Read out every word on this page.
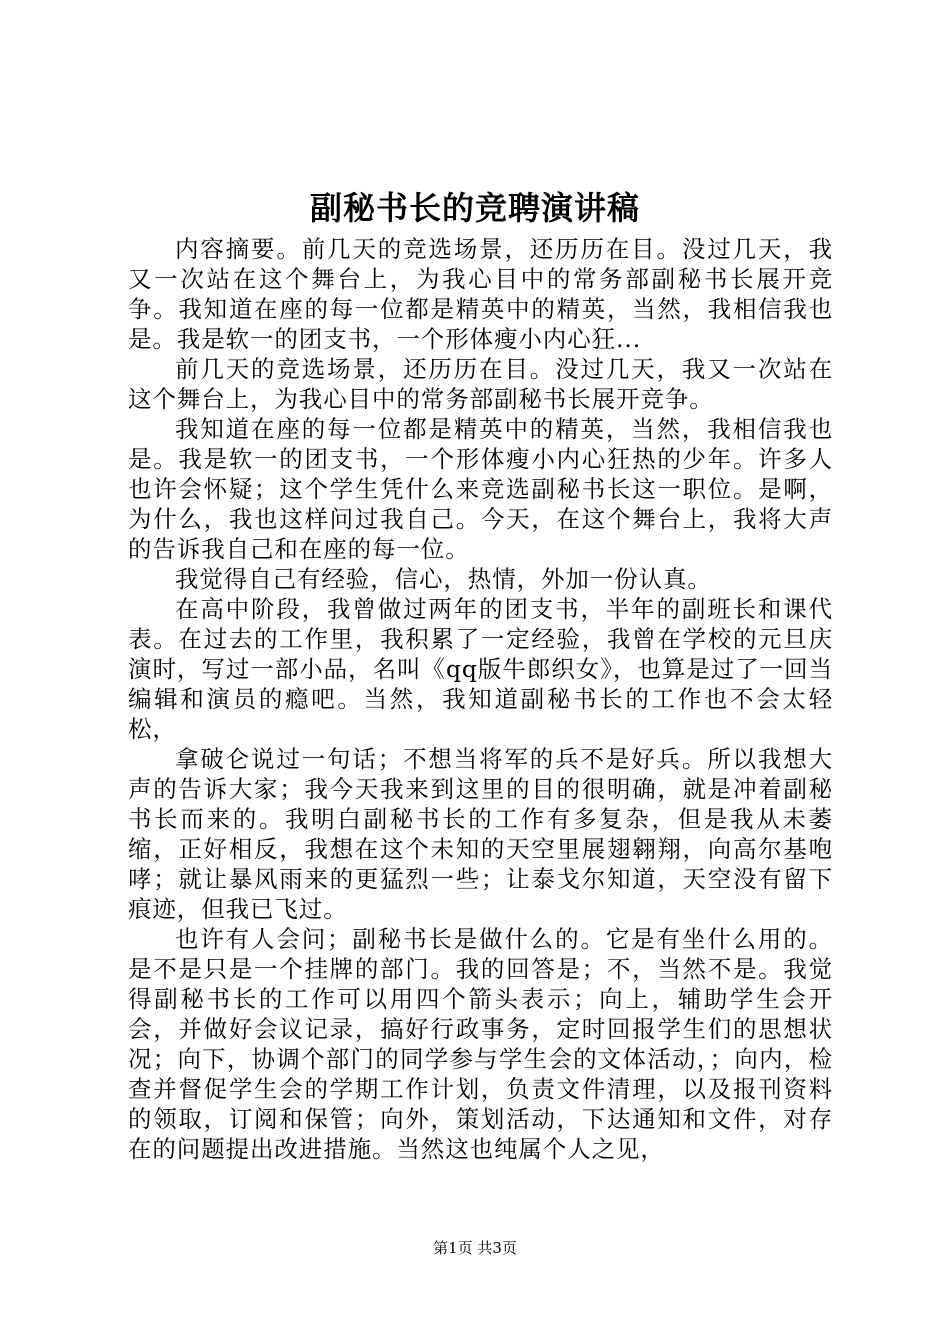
副秘书长的竞聘演讲稿

内容摘要。前几天的竞选场景，还历历在目。没过几天，我又一次站在这个舞台上，为我心目中的常务部副秘书长展开竞争。我知道在座的每一位都是精英中的精英，当然，我相信我也是。我是软一的团支书，一个形体瘦小内心狂...

前几天的竞选场景，还历历在目。没过几天，我又一次站在这个舞台上，为我心目中的常务部副秘书长展开竞争。

我知道在座的每一位都是精英中的精英，当然，我相信我也是。我是软一的团支书，一个形体瘦小内心狂热的少年。许多人也许会怀疑；这个学生凭什么来竞选副秘书长这一职位。是啊，为什么，我也这样问过我自己。今天，在这个舞台上，我将大声的告诉我自己和在座的每一位。

我觉得自己有经验，信心，热情，外加一份认真。

在高中阶段，我曾做过两年的团支书，半年的副班长和课代表。在过去的工作里，我积累了一定经验，我曾在学校的元旦庆演时，写过一部小品，名叫《qq版牛郎织女》，也算是过了一回当编辑和演员的瘾吧。当然，我知道副秘书长的工作也不会太轻松，

拿破仑说过一句话；不想当将军的兵不是好兵。所以我想大声的告诉大家；我今天我来到这里的目的很明确，就是冲着副秘书长而来的。我明白副秘书长的工作有多复杂，但是我从未萎缩，正好相反，我想在这个未知的天空里展翅翱翔，向高尔基咆哮；就让暴风雨来的更猛烈一些；让泰戈尔知道，天空没有留下痕迹，但我已飞过。

也许有人会问；副秘书长是做什么的。它是有坐什么用的。是不是只是一个挂牌的部门。我的回答是；不，当然不是。我觉得副秘书长的工作可以用四个箭头表示；向上，辅助学生会开会，并做好会议记录，搞好行政事务，定时回报学生们的思想状况；向下，协调个部门的同学参与学生会的文体活动，；向内，检查并督促学生会的学期工作计划，负责文件清理，以及报刊资料的领取，订阅和保管；向外，策划活动，下达通知和文件，对存在的问题提出改进措施。当然这也纯属个人之见，

第1页 共3页
